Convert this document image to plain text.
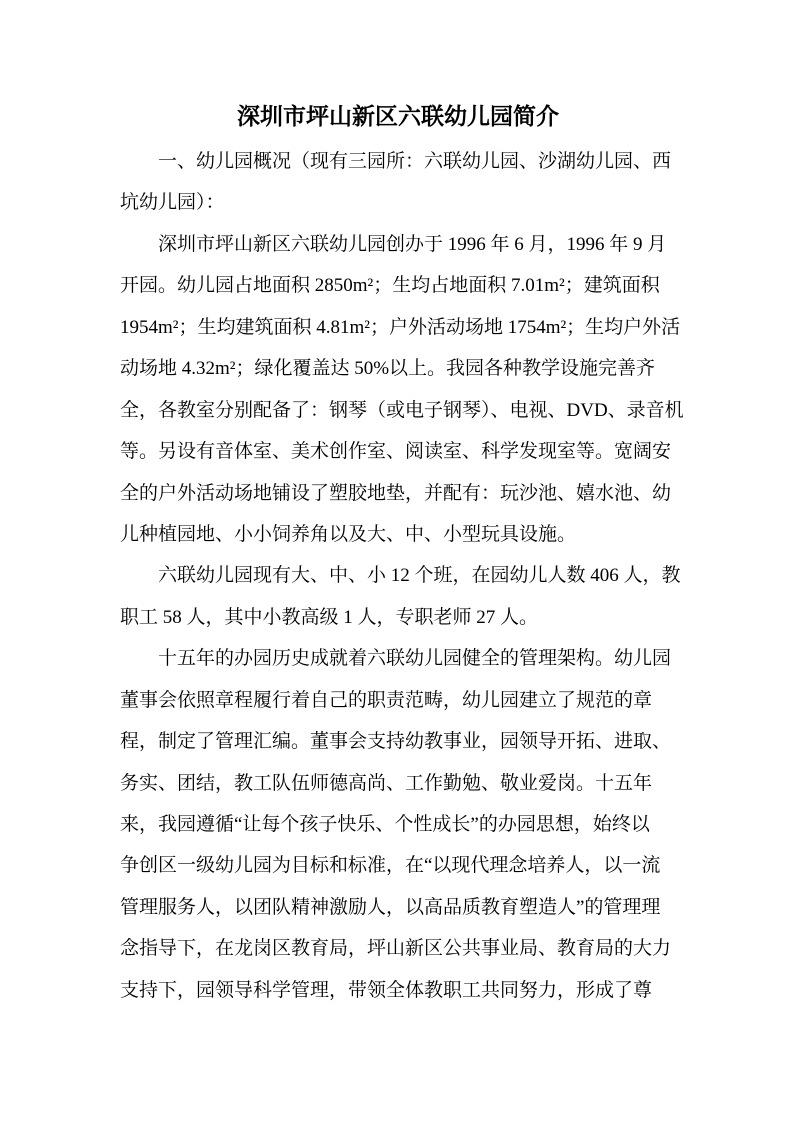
深圳市坪山新区六联幼儿园简介
一、幼儿园概况（现有三园所：六联幼儿园、沙湖幼儿园、西
坑幼儿园）：
深圳市坪山新区六联幼儿园创办于 1996 年 6 月，1996 年 9 月
开园。幼儿园占地面积 2850m²；生均占地面积 7.01m²；建筑面积
1954m²；生均建筑面积 4.81m²；户外活动场地 1754m²；生均户外活
动场地 4.32m²；绿化覆盖达 50%以上。我园各种教学设施完善齐
全，各教室分别配备了：钢琴（或电子钢琴）、电视、DVD、录音机
等。另设有音体室、美术创作室、阅读室、科学发现室等。宽阔安
全的户外活动场地铺设了塑胶地垫，并配有：玩沙池、嬉水池、幼
儿种植园地、小小饲养角以及大、中、小型玩具设施。
六联幼儿园现有大、中、小 12 个班，在园幼儿人数 406 人，教
职工 58 人，其中小教高级 1 人，专职老师 27 人。
十五年的办园历史成就着六联幼儿园健全的管理架构。幼儿园
董事会依照章程履行着自己的职责范畴，幼儿园建立了规范的章
程，制定了管理汇编。董事会支持幼教事业，园领导开拓、进取、
务实、团结，教工队伍师德高尚、工作勤勉、敬业爱岗。十五年
来，我园遵循“让每个孩子快乐、个性成长”的办园思想，始终以
争创区一级幼儿园为目标和标准，在“以现代理念培养人，以一流
管理服务人，以团队精神激励人，以高品质教育塑造人”的管理理
念指导下，在龙岗区教育局，坪山新区公共事业局、教育局的大力
支持下，园领导科学管理，带领全体教职工共同努力，形成了尊
